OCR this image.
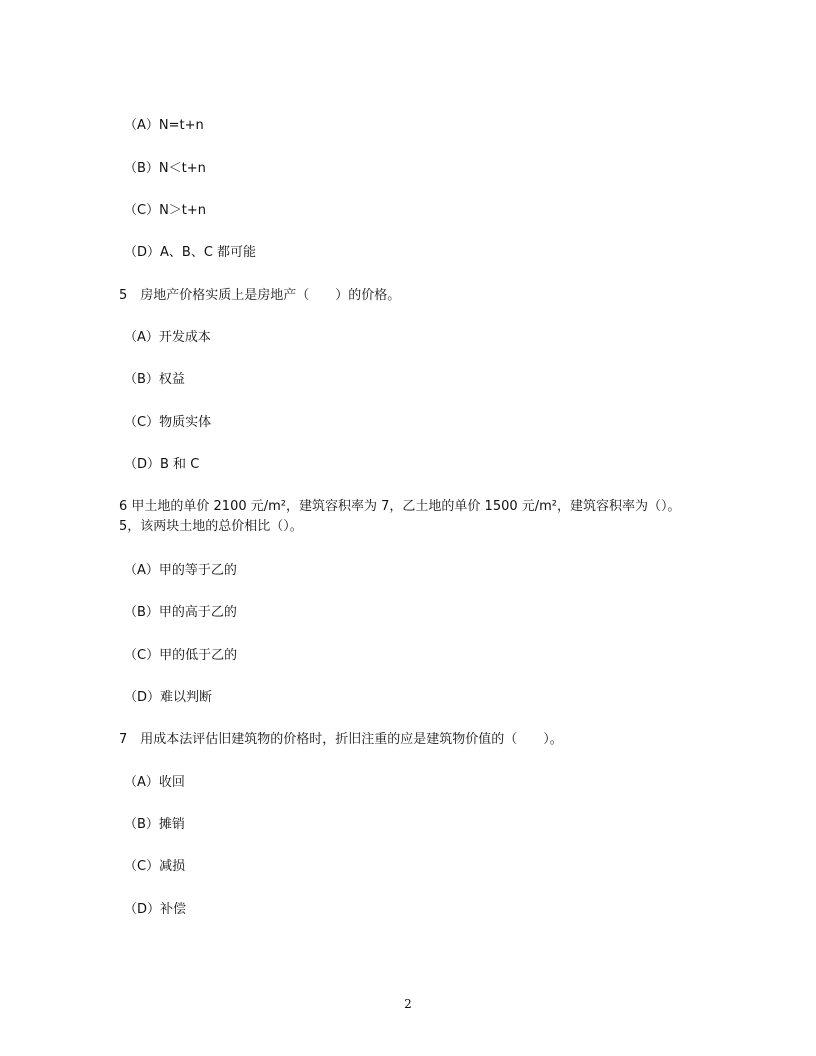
（A）N=t+n
（B）N＜t+n
（C）N＞t+n
（D）A、B、C 都可能
5　房地产价格实质上是房地产（　　）的价格。
（A）开发成本
（B）权益
（C）物质实体
（D）B 和 C
6 甲土地的单价 2100 元/m²，建筑容积率为 7，乙土地的单价 1500 元/m²，建筑容积率为（）。
5，该两块土地的总价相比（）。
（A）甲的等于乙的
（B）甲的高于乙的
（C）甲的低于乙的
（D）难以判断
7　用成本法评估旧建筑物的价格时，折旧注重的应是建筑物价值的（　　）。
（A）收回
（B）摊销
（C）减损
（D）补偿
2
